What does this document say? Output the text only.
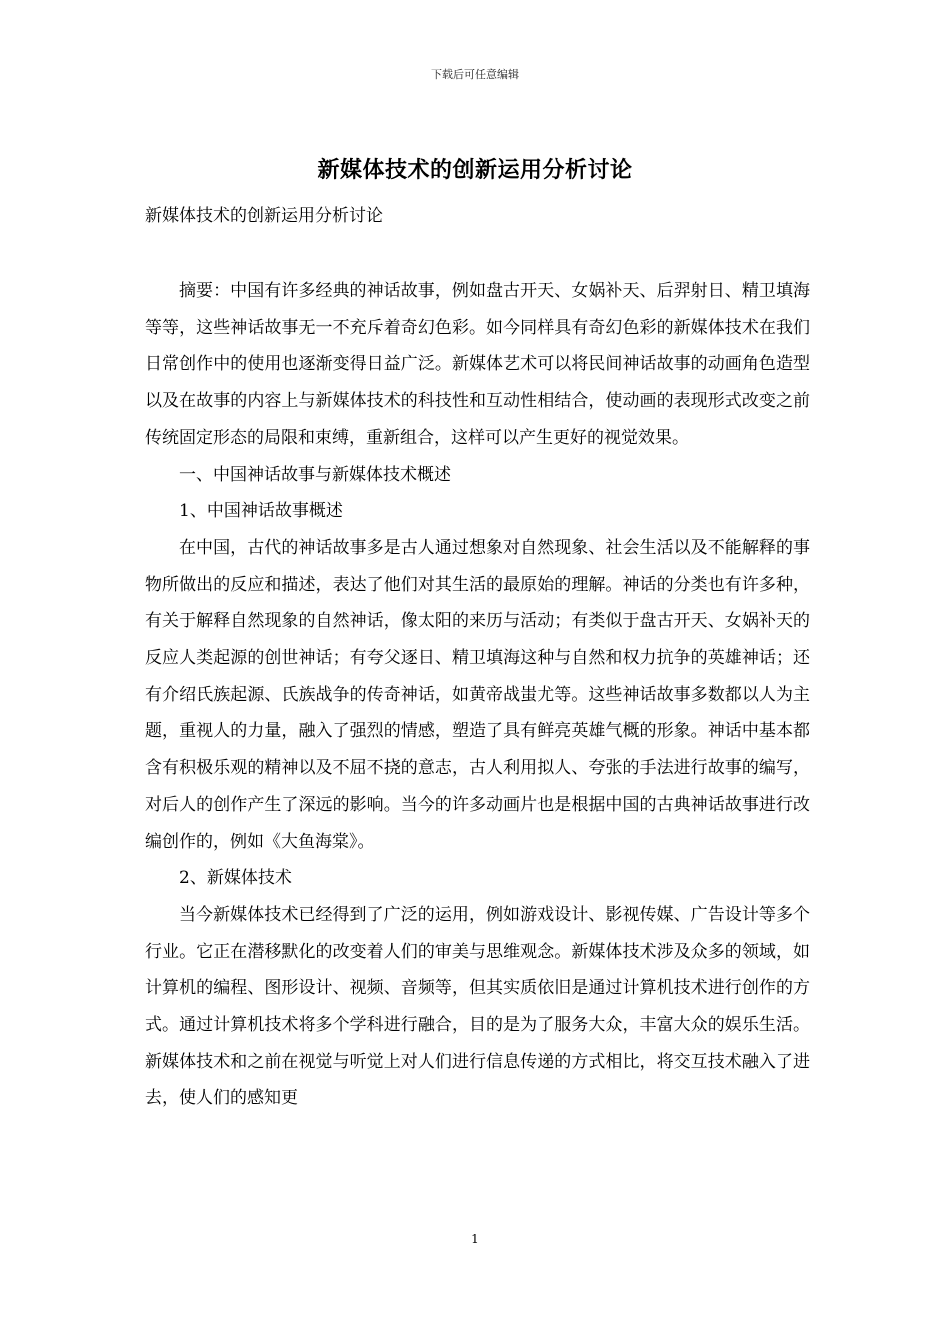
下载后可任意编辑
新媒体技术的创新运用分析讨论
新媒体技术的创新运用分析讨论

摘要：中国有许多经典的神话故事，例如盘古开天、女娲补天、后羿射日、精卫填海等等，这些神话故事无一不充斥着奇幻色彩。如今同样具有奇幻色彩的新媒体技术在我们日常创作中的使用也逐渐变得日益广泛。新媒体艺术可以将民间神话故事的动画角色造型以及在故事的内容上与新媒体技术的科技性和互动性相结合，使动画的表现形式改变之前传统固定形态的局限和束缚，重新组合，这样可以产生更好的视觉效果。

一、中国神话故事与新媒体技术概述

1、中国神话故事概述

在中国，古代的神话故事多是古人通过想象对自然现象、社会生活以及不能解释的事物所做出的反应和描述，表达了他们对其生活的最原始的理解。神话的分类也有许多种，有关于解释自然现象的自然神话，像太阳的来历与活动；有类似于盘古开天、女娲补天的反应人类起源的创世神话；有夸父逐日、精卫填海这种与自然和权力抗争的英雄神话；还有介绍氏族起源、氏族战争的传奇神话，如黄帝战蚩尤等。这些神话故事多数都以人为主题，重视人的力量，融入了强烈的情感，塑造了具有鲜亮英雄气概的形象。神话中基本都含有积极乐观的精神以及不屈不挠的意志，古人利用拟人、夸张的手法进行故事的编写，对后人的创作产生了深远的影响。当今的许多动画片也是根据中国的古典神话故事进行改编创作的，例如《大鱼海棠》。

2、新媒体技术

当今新媒体技术已经得到了广泛的运用，例如游戏设计、影视传媒、广告设计等多个行业。它正在潜移默化的改变着人们的审美与思维观念。新媒体技术涉及众多的领域，如计算机的编程、图形设计、视频、音频等，但其实质依旧是通过计算机技术进行创作的方式。通过计算机技术将多个学科进行融合，目的是为了服务大众，丰富大众的娱乐生活。新媒体技术和之前在视觉与听觉上对人们进行信息传递的方式相比，将交互技术融入了进去，使人们的感知更

1
